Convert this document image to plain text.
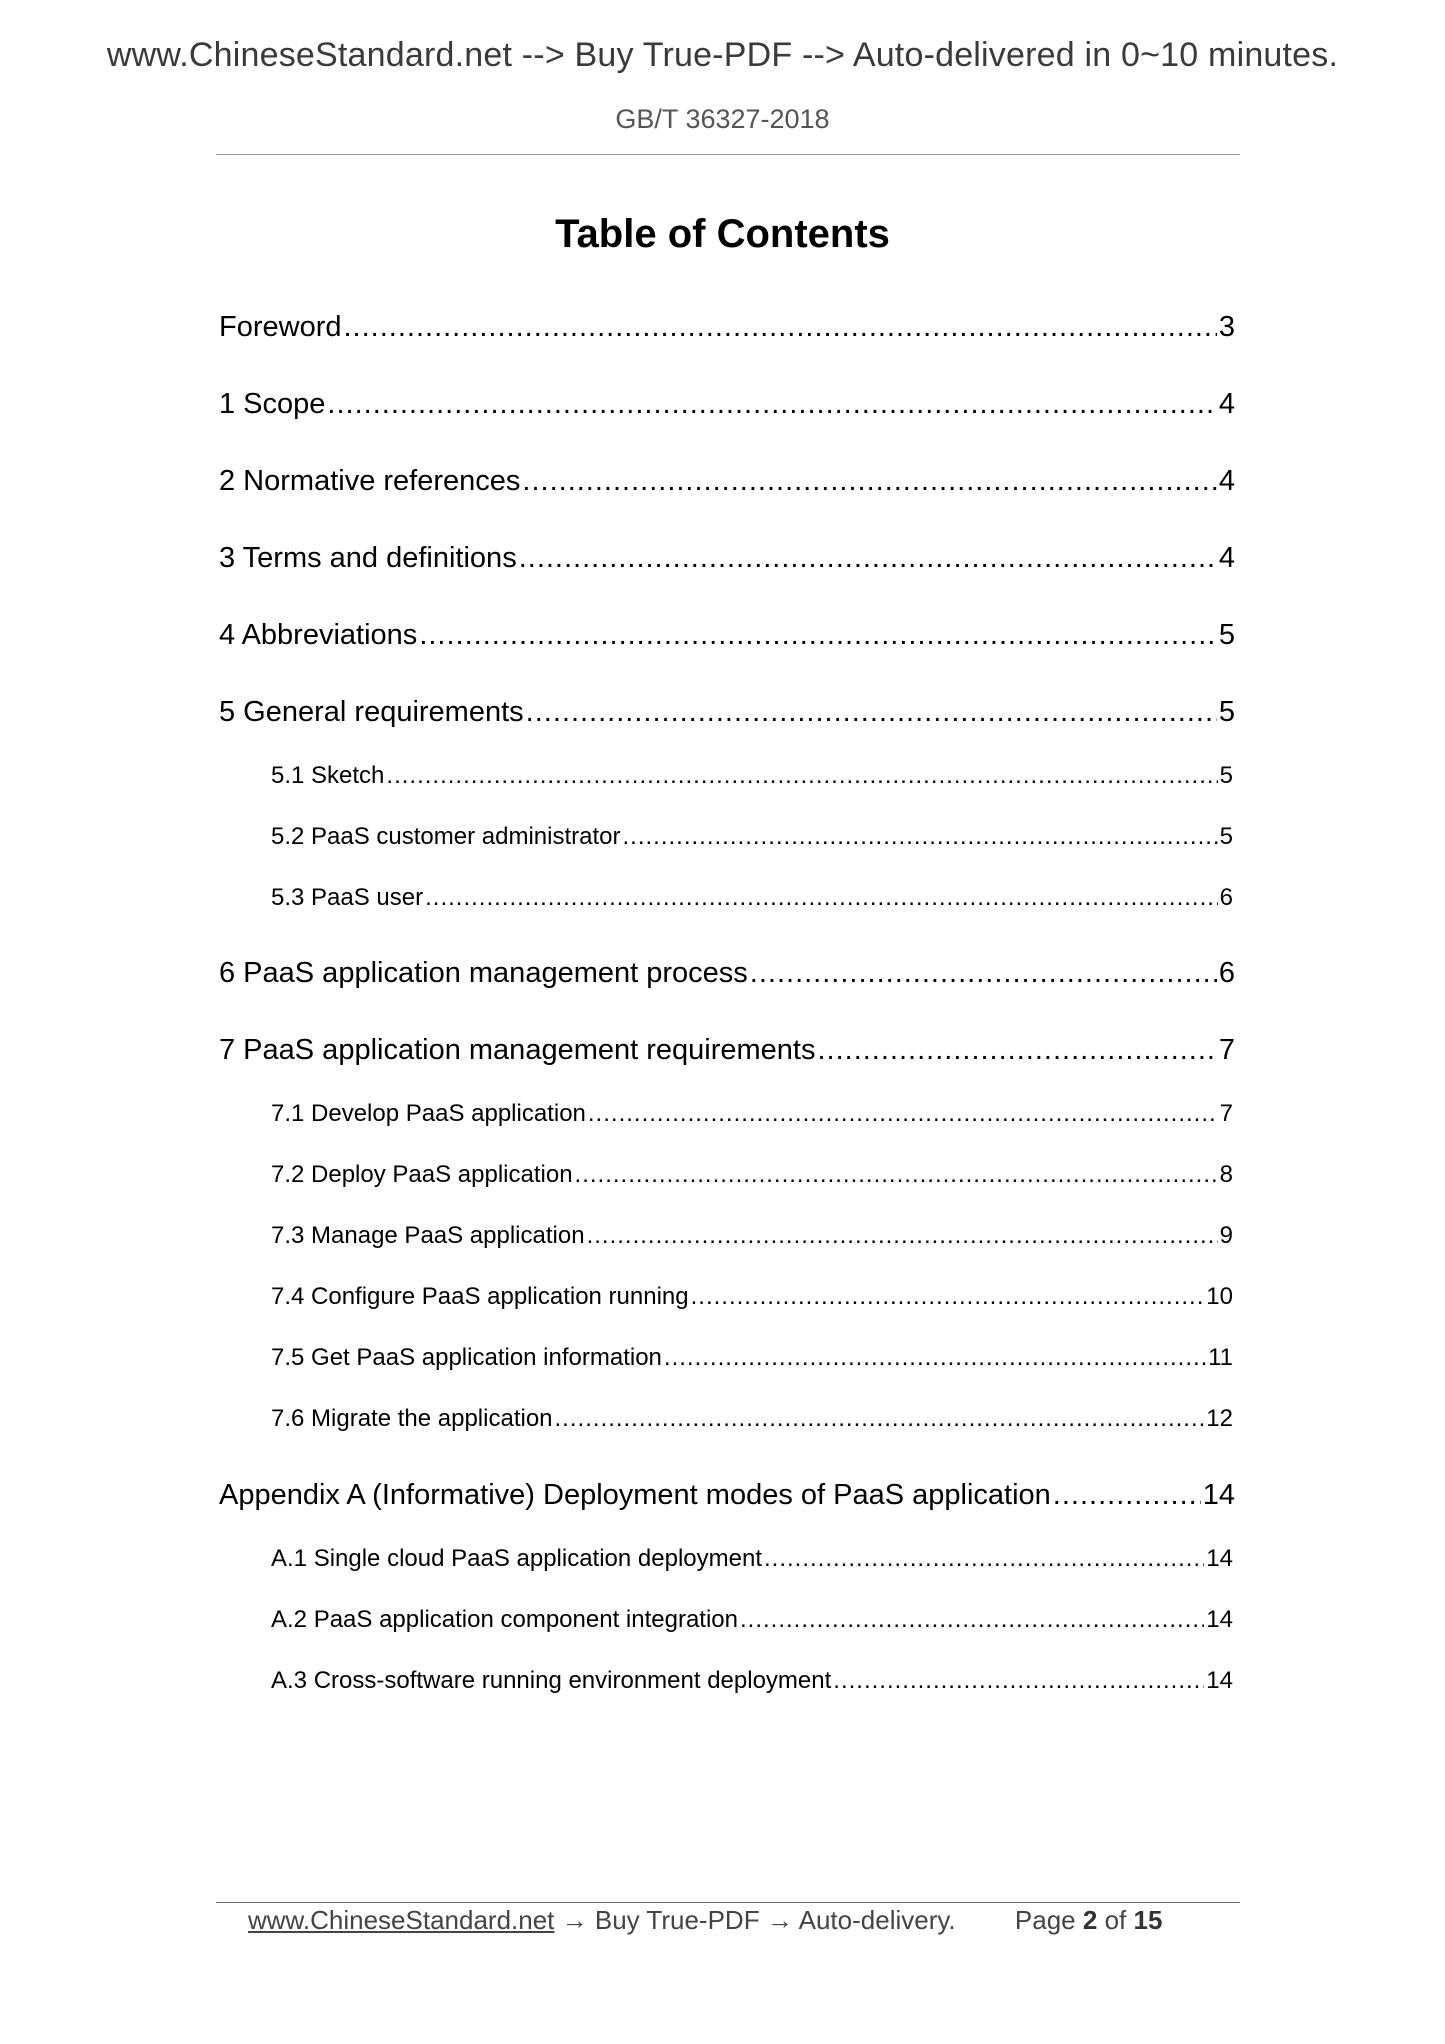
www.ChineseStandard.net --> Buy True-PDF --> Auto-delivered in 0~10 minutes.
GB/T 36327-2018
Table of Contents
Foreword .....	3
1 Scope .....	4
2 Normative references .....	4
3 Terms and definitions .....	4
4 Abbreviations .....	5
5 General requirements .....	5
5.1 Sketch .....	5
5.2 PaaS customer administrator .....	5
5.3 PaaS user .....	6
6 PaaS application management process .....	6
7 PaaS application management requirements .....	7
7.1 Develop PaaS application .....	7
7.2 Deploy PaaS application .....	8
7.3 Manage PaaS application .....	9
7.4 Configure PaaS application running .....	10
7.5 Get PaaS application information .....	11
7.6 Migrate the application .....	12
Appendix A (Informative) Deployment modes of PaaS application .....	14
A.1 Single cloud PaaS application deployment .....	14
A.2 PaaS application component integration .....	14
A.3 Cross-software running environment deployment .....	14
www.ChineseStandard.net → Buy True-PDF → Auto-delivery. Page 2 of 15
